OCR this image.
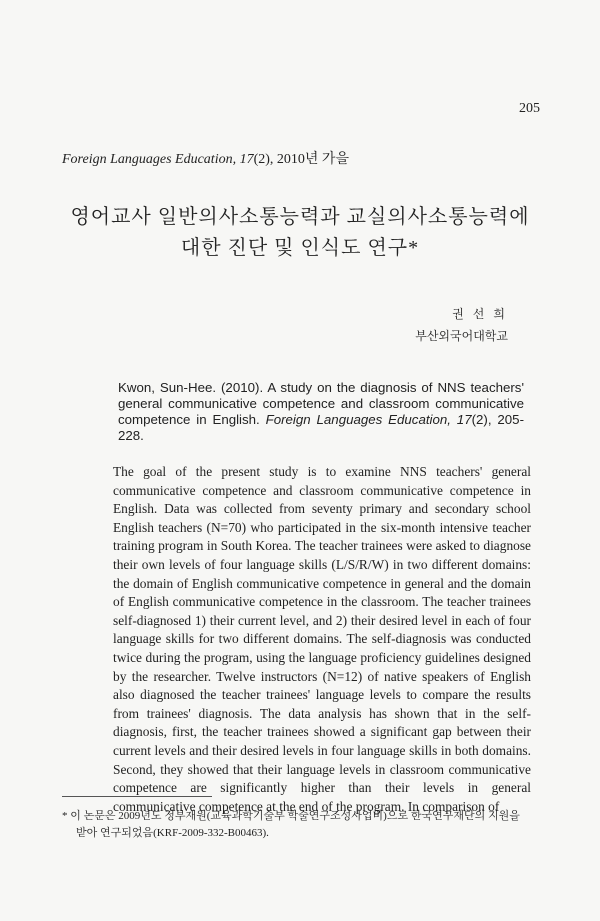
205
Foreign Languages Education, 17(2), 2010년 가을
영어교사 일반의사소통능력과 교실의사소통능력에
대한 진단 및 인식도 연구*
권 선 희
부산외국어대학교
Kwon, Sun-Hee. (2010). A study on the diagnosis of NNS teachers' general communicative competence and classroom communicative competence in English. Foreign Languages Education, 17(2), 205-228.
The goal of the present study is to examine NNS teachers' general communicative competence and classroom communicative competence in English. Data was collected from seventy primary and secondary school English teachers (N=70) who participated in the six-month intensive teacher training program in South Korea. The teacher trainees were asked to diagnose their own levels of four language skills (L/S/R/W) in two different domains: the domain of English communicative competence in general and the domain of English communicative competence in the classroom. The teacher trainees self-diagnosed 1) their current level, and 2) their desired level in each of four language skills for two different domains. The self-diagnosis was conducted twice during the program, using the language proficiency guidelines designed by the researcher. Twelve instructors (N=12) of native speakers of English also diagnosed the teacher trainees' language levels to compare the results from trainees' diagnosis. The data analysis has shown that in the self-diagnosis, first, the teacher trainees showed a significant gap between their current levels and their desired levels in four language skills in both domains. Second, they showed that their language levels in classroom communicative competence are significantly higher than their levels in general communicative competence at the end of the program. In comparison of
* 이 논문은 2009년도 정부재원(교육과학기술부 학술연구조성사업비)으로 한국연구재단의 지원을 받아 연구되었음(KRF-2009-332-B00463).
